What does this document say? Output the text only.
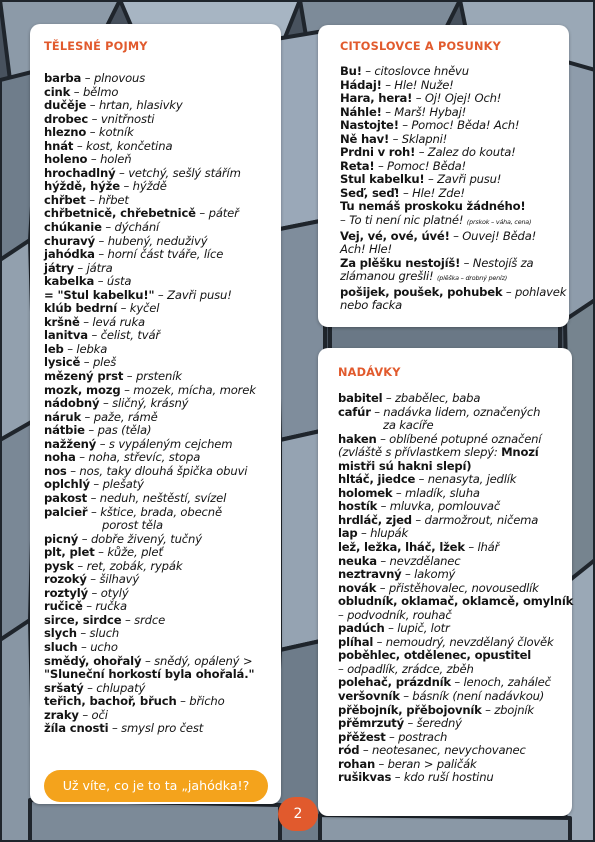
TĚLESNÉ POJMY
barba – plnovous
cink – bělmo
dučěje – hrtan, hlasivky
drobec – vnitřnosti
hlezno – kotník
hnát – kost, končetina
holeno – holeň
hrochadlný – vetchý, sešlý stářím
hýždě, hýže – hýždě
chřbet – hřbet
chřbetnicě, chřebetnicě – páteř
chúkanie – dýchání
churavý – hubený, neduživý
jahódka – horní část tváře, líce
játry – játra
kabelka – ústa
= "Stul kabelku!" – Zavři pusu!
klúb bedrní – kyčel
kršně – levá ruka
lanitva – čelist, tvář
leb – lebka
lysicě – pleš
mězený prst – prsteník
mozk, mozg – mozek, mícha, morek
nádobný – sličný, krásný
náruk – paže, rámě
nátbie – pas (těla)
nažžený – s vypáleným cejchem
noha – noha, střevíc, stopa
nos – nos, taky dlouhá špička obuvi
oplchlý – plešatý
pakost – neduh, neštěstí, svízel
palcieř – kštice, brada, obecně
porost těla
picný – dobře živený, tučný
plt, plet – kůže, pleť
pysk – ret, zobák, rypák
rozoký – šilhavý
roztylý – otylý
ručicě – ručka
sirce, sirdce – srdce
slych – sluch
sluch – ucho
smědý, ohořalý – snědý, opálený >
"Sluneční horkostí byla ohořalá."
sršatý – chlupatý
teřich, bachoř, břuch – břicho
zraky – oči
žíla cnosti – smysl pro čest
CITOSLOVCE A POSUNKY
Bu! – citoslovce hněvu
Hádaj! – Hle! Nuže!
Hara, hera! – Oj! Ojej! Och!
Náhle! – Marš! Hybaj!
Nastojte! – Pomoc! Běda! Ach!
Ně hav! – Sklapni!
Prdni v roh! – Zalez do kouta!
Reta! – Pomoc! Běda!
Stul kabelku! – Zavři pusu!
Seď, seď! – Hle! Zde!
Tu nemáš proskoku žádného!
– To ti není nic platné! (prskok – váha, cena)
Vej, vé, ové, úvé! – Ouvej! Běda!
Ach! Hle!
Za plěšku nestojíš! – Nestojíš za
zlámanou grešli! (plěška – drobný peníz)
pošijek, poušek, pohubek – pohlavek
nebo facka
NADÁVKY
babitel – zbabělec, baba
cafúr – nadávka lidem, označených
za kacíře
haken – oblíbené potupné označení
(zvláště s přívlastkem slepý: Mnozí
mistři sú hakni slepí)
hltáč, jiedce – nenasyta, jedlík
holomek – mladík, sluha
hostík – mluvka, pomlouvač
hrdláč, zjed – darmožrout, ničema
lap – hlupák
lež, ležka, lháč, lžek – lhář
neuka – nevzdělanec
neztravný – lakomý
novák – přistěhovalec, novousedlík
obludník, oklamač, oklamcě, omylník
– podvodník, rouhač
padúch – lupič, lotr
plíhal – nemoudrý, nevzdělaný člověk
poběhlec, otdělenec, opustitel
– odpadlík, zrádce, zběh
polehač, prázdník – lenoch, zahálеč
veršovník – básník (není nadávkou)
přěbojník, přěbojovník – zbojník
přěmrzutý – šeredný
přěžest – postrach
ród – neotesanec, nevychovanec
rohan – beran > paličák
rušikvas – kdo ruší hostinu
Už víte, co je to ta „jahódka!?
2
